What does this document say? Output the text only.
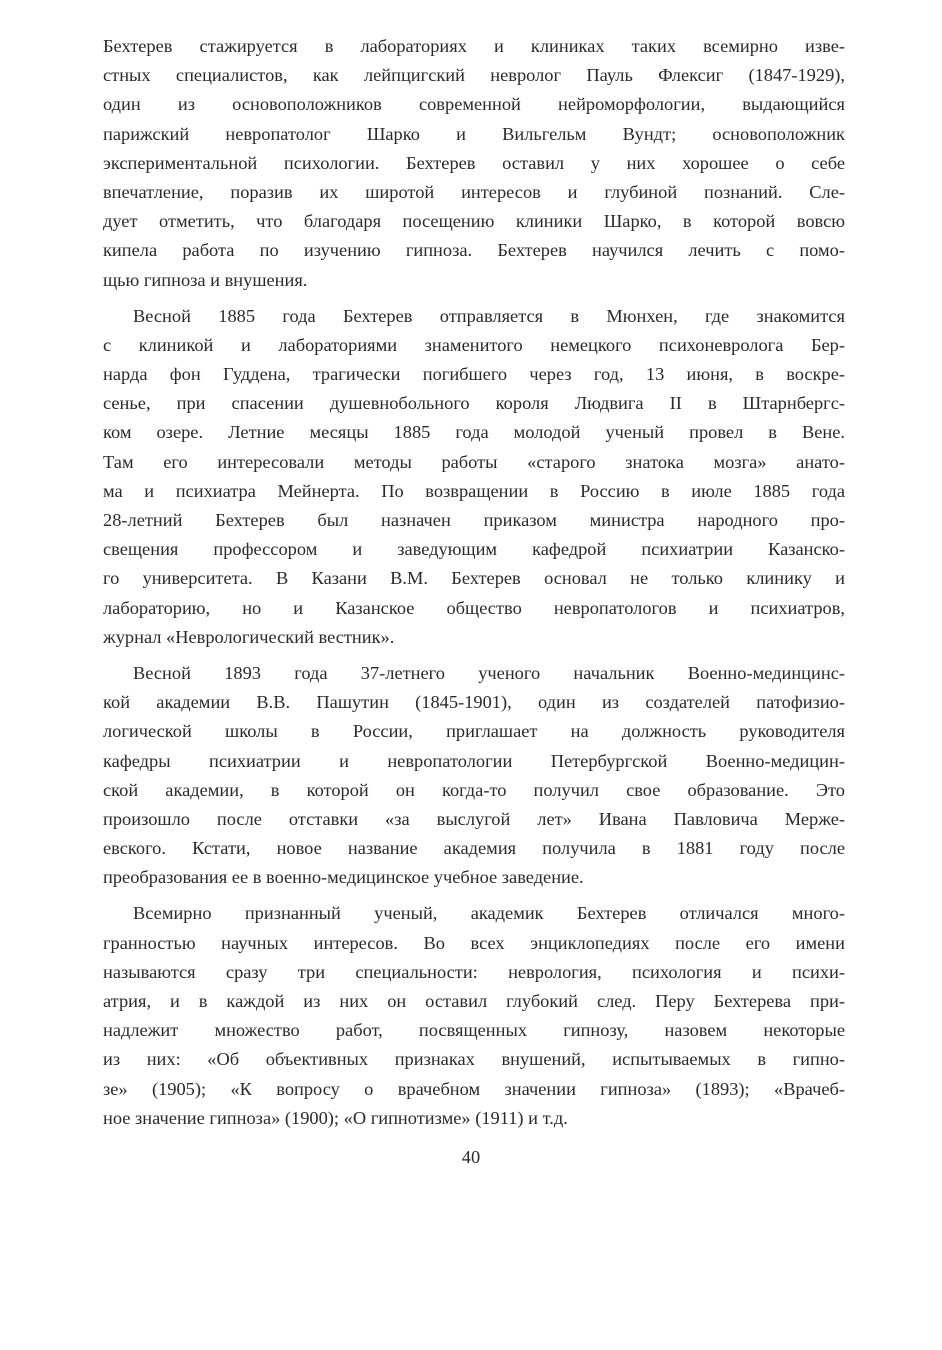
Бехтерев стажируется в лабораториях и клиниках таких всемирно изве-
стных специалистов, как лейпцигский невролог Пауль Флексиг (1847-1929),
один из основоположников современной нейроморфологии, выдающийся
парижский невропатолог Шарко и Вильгельм Вундт; основоположник
экспериментальной психологии. Бехтерев оставил у них хорошее о себе
впечатление, поразив их широтой интересов и глубиной познаний. Сле-
дует отметить, что благодаря посещению клиники Шарко, в которой вовсю
кипела работа по изучению гипноза. Бехтерев научился лечить с помо-
щью гипноза и внушения.
Весной 1885 года Бехтерев отправляется в Мюнхен, где знакомится
с клиникой и лабораториями знаменитого немецкого психоневролога Бер-
нарда фон Гуддена, трагически погибшего через год, 13 июня, в воскре-
сенье, при спасении душевнобольного короля Людвига II в Штарнбергс-
ком озере. Летние месяцы 1885 года молодой ученый провел в Вене.
Там его интересовали методы работы «старого знатока мозга» анато-
ма и психиатра Мейнерта. По возвращении в Россию в июле 1885 года
28-летний Бехтерев был назначен приказом министра народного про-
свещения профессором и заведующим кафедрой психиатрии Казанско-
го университета. В Казани В.М. Бехтерев основал не только клинику и
лабораторию, но и Казанское общество невропатологов и психиатров,
журнал «Неврологический вестник».
Весной 1893 года 37-летнего ученого начальник Военно-мединцинс-
кой академии В.В. Пашутин (1845-1901), один из создателей патофизио-
логической школы в России, приглашает на должность руководителя
кафедры психиатрии и невропатологии Петербургской Военно-медицин-
ской академии, в которой он когда-то получил свое образование. Это
произошло после отставки «за выслугой лет» Ивана Павловича Мерже-
евского. Кстати, новое название академия получила в 1881 году после
преобразования ее в военно-медицинское учебное заведение.
Всемирно признанный ученый, академик Бехтерев отличался много-
гранностью научных интересов. Во всех энциклопедиях после его имени
называются сразу три специальности: неврология, психология и психи-
атрия, и в каждой из них он оставил глубокий след. Перу Бехтерева при-
надлежит множество работ, посвященных гипнозу, назовем некоторые
из них: «Об объективных признаках внушений, испытываемых в гипно-
зе» (1905); «К вопросу о врачебном значении гипноза» (1893); «Врачеб-
ное значение гипноза» (1900); «О гипнотизме» (1911) и т.д.
40
